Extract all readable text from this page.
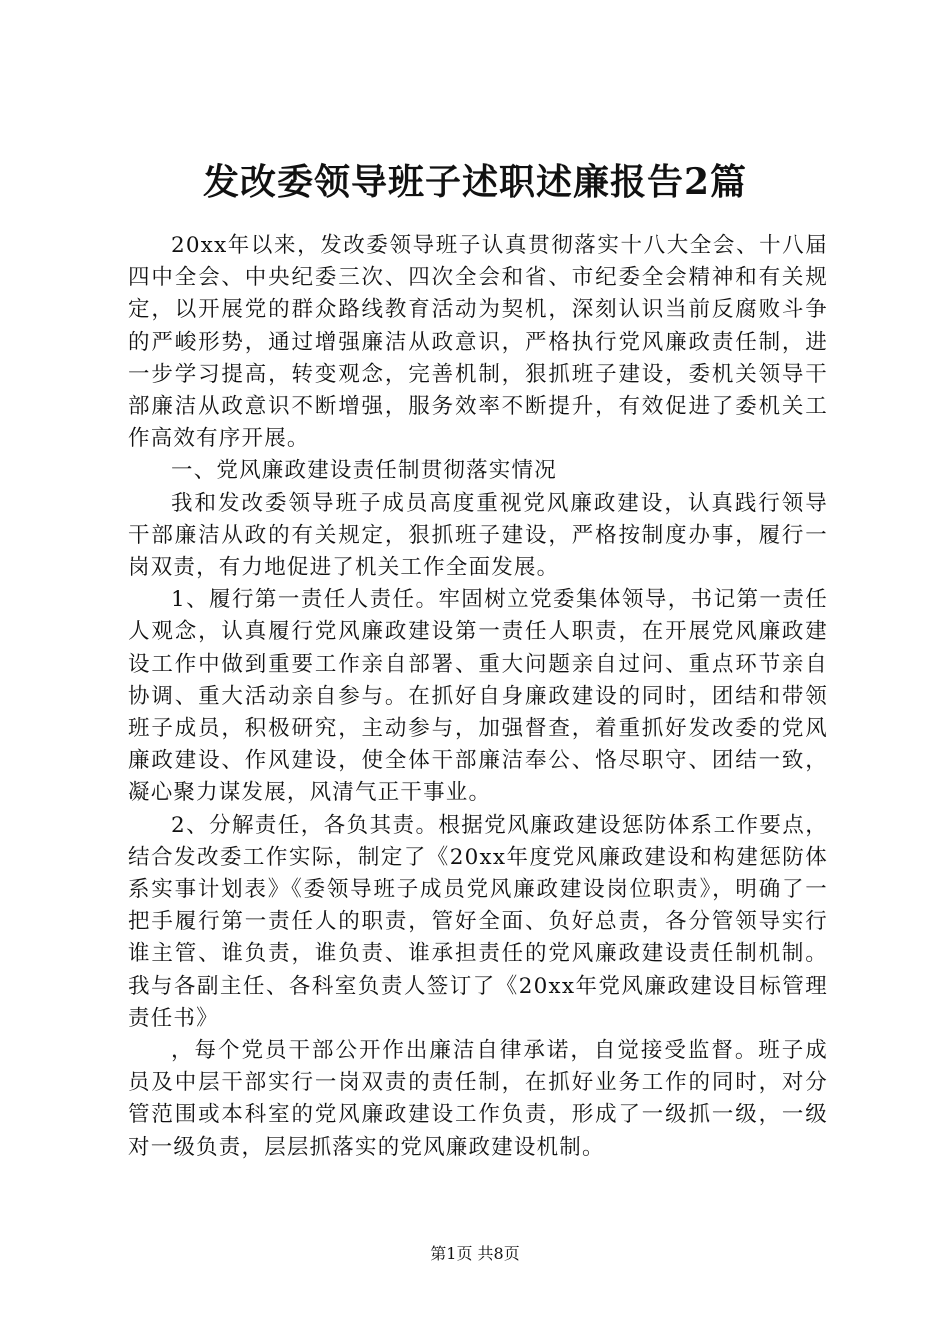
发改委领导班子述职述廉报告2篇

20xx年以来，发改委领导班子认真贯彻落实十八大全会、十八届四中全会、中央纪委三次、四次全会和省、市纪委全会精神和有关规定，以开展党的群众路线教育活动为契机，深刻认识当前反腐败斗争的严峻形势，通过增强廉洁从政意识，严格执行党风廉政责任制，进一步学习提高，转变观念，完善机制，狠抓班子建设，委机关领导干部廉洁从政意识不断增强，服务效率不断提升，有效促进了委机关工作高效有序开展。

一、党风廉政建设责任制贯彻落实情况

我和发改委领导班子成员高度重视党风廉政建设，认真践行领导干部廉洁从政的有关规定，狠抓班子建设，严格按制度办事，履行一岗双责，有力地促进了机关工作全面发展。

1、履行第一责任人责任。牢固树立党委集体领导，书记第一责任人观念，认真履行党风廉政建设第一责任人职责，在开展党风廉政建设工作中做到重要工作亲自部署、重大问题亲自过问、重点环节亲自协调、重大活动亲自参与。在抓好自身廉政建设的同时，团结和带领班子成员，积极研究，主动参与，加强督查，着重抓好发改委的党风廉政建设、作风建设，使全体干部廉洁奉公、恪尽职守、团结一致，凝心聚力谋发展，风清气正干事业。

2、分解责任，各负其责。根据党风廉政建设惩防体系工作要点，结合发改委工作实际，制定了《20xx年度党风廉政建设和构建惩防体系实事计划表》《委领导班子成员党风廉政建设岗位职责》，明确了一把手履行第一责任人的职责，管好全面、负好总责，各分管领导实行谁主管、谁负责，谁负责、谁承担责任的党风廉政建设责任制机制。我与各副主任、各科室负责人签订了《20xx年党风廉政建设目标管理责任书》

，每个党员干部公开作出廉洁自律承诺，自觉接受监督。班子成员及中层干部实行一岗双责的责任制，在抓好业务工作的同时，对分管范围或本科室的党风廉政建设工作负责，形成了一级抓一级，一级对一级负责，层层抓落实的党风廉政建设机制。

第1页 共8页
